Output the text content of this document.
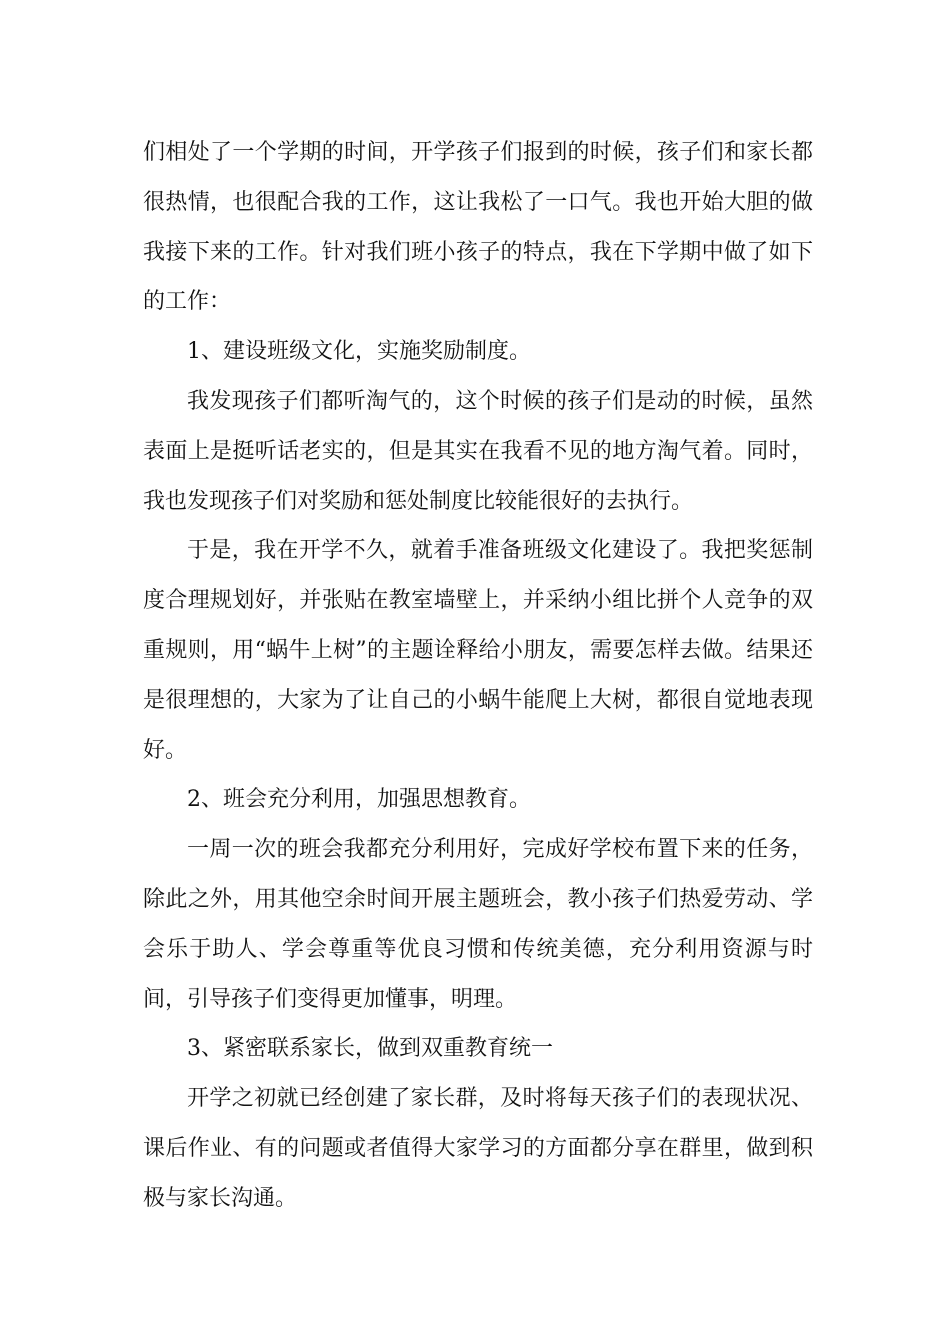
们相处了一个学期的时间，开学孩子们报到的时候，孩子们和家长都很热情，也很配合我的工作，这让我松了一口气。我也开始大胆的做我接下来的工作。针对我们班小孩子的特点，我在下学期中做了如下的工作：

1、建设班级文化，实施奖励制度。

我发现孩子们都听淘气的，这个时候的孩子们是动的时候，虽然表面上是挺听话老实的，但是其实在我看不见的地方淘气着。同时，我也发现孩子们对奖励和惩处制度比较能很好的去执行。

于是，我在开学不久，就着手准备班级文化建设了。我把奖惩制度合理规划好，并张贴在教室墙壁上，并采纳小组比拼个人竞争的双重规则，用“蜗牛上树”的主题诠释给小朋友，需要怎样去做。结果还是很理想的，大家为了让自己的小蜗牛能爬上大树，都很自觉地表现好。

2、班会充分利用，加强思想教育。

一周一次的班会我都充分利用好，完成好学校布置下来的任务，除此之外，用其他空余时间开展主题班会，教小孩子们热爱劳动、学会乐于助人、学会尊重等优良习惯和传统美德，充分利用资源与时间，引导孩子们变得更加懂事，明理。

3、紧密联系家长，做到双重教育统一

开学之初就已经创建了家长群，及时将每天孩子们的表现状况、课后作业、有的问题或者值得大家学习的方面都分享在群里，做到积极与家长沟通。
